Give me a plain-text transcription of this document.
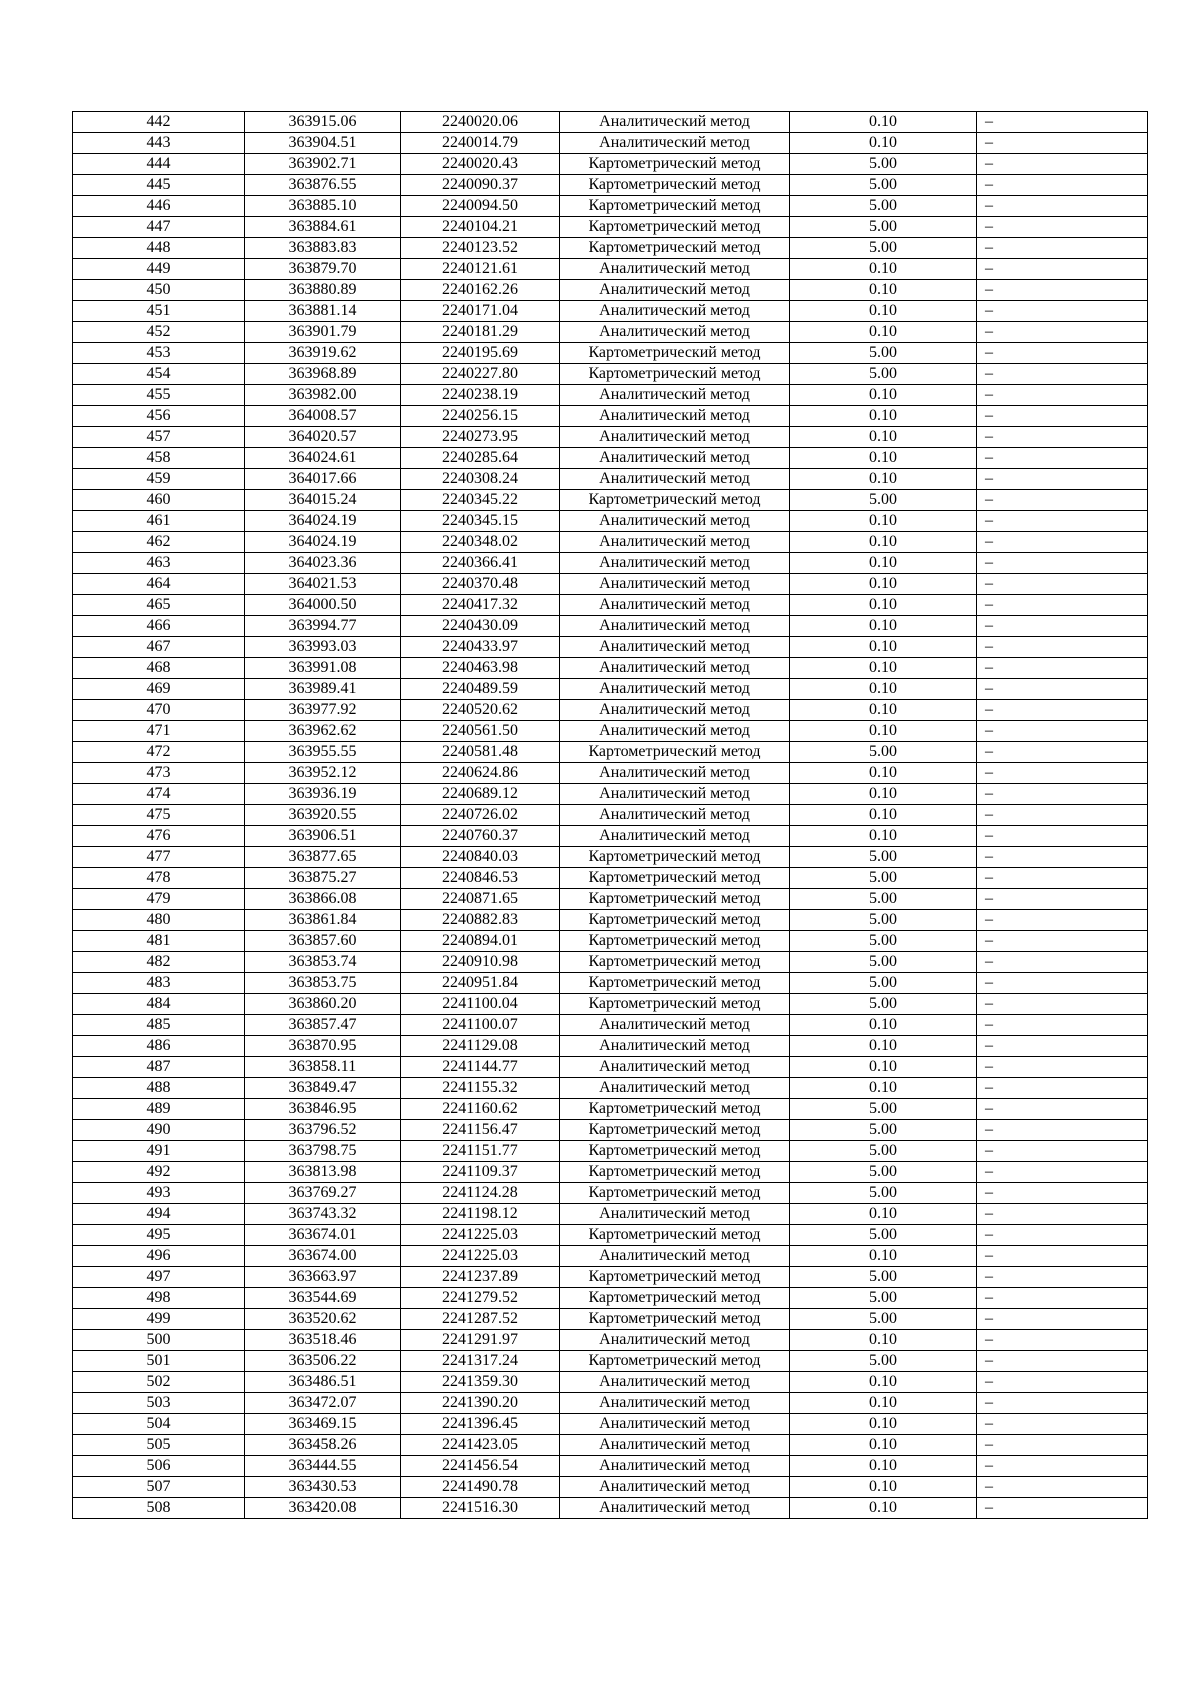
442	363915.06	2240020.06	Аналитический метод	0.10	–
443	363904.51	2240014.79	Аналитический метод	0.10	–
444	363902.71	2240020.43	Картометрический метод	5.00	–
445	363876.55	2240090.37	Картометрический метод	5.00	–
446	363885.10	2240094.50	Картометрический метод	5.00	–
447	363884.61	2240104.21	Картометрический метод	5.00	–
448	363883.83	2240123.52	Картометрический метод	5.00	–
449	363879.70	2240121.61	Аналитический метод	0.10	–
450	363880.89	2240162.26	Аналитический метод	0.10	–
451	363881.14	2240171.04	Аналитический метод	0.10	–
452	363901.79	2240181.29	Аналитический метод	0.10	–
453	363919.62	2240195.69	Картометрический метод	5.00	–
454	363968.89	2240227.80	Картометрический метод	5.00	–
455	363982.00	2240238.19	Аналитический метод	0.10	–
456	364008.57	2240256.15	Аналитический метод	0.10	–
457	364020.57	2240273.95	Аналитический метод	0.10	–
458	364024.61	2240285.64	Аналитический метод	0.10	–
459	364017.66	2240308.24	Аналитический метод	0.10	–
460	364015.24	2240345.22	Картометрический метод	5.00	–
461	364024.19	2240345.15	Аналитический метод	0.10	–
462	364024.19	2240348.02	Аналитический метод	0.10	–
463	364023.36	2240366.41	Аналитический метод	0.10	–
464	364021.53	2240370.48	Аналитический метод	0.10	–
465	364000.50	2240417.32	Аналитический метод	0.10	–
466	363994.77	2240430.09	Аналитический метод	0.10	–
467	363993.03	2240433.97	Аналитический метод	0.10	–
468	363991.08	2240463.98	Аналитический метод	0.10	–
469	363989.41	2240489.59	Аналитический метод	0.10	–
470	363977.92	2240520.62	Аналитический метод	0.10	–
471	363962.62	2240561.50	Аналитический метод	0.10	–
472	363955.55	2240581.48	Картометрический метод	5.00	–
473	363952.12	2240624.86	Аналитический метод	0.10	–
474	363936.19	2240689.12	Аналитический метод	0.10	–
475	363920.55	2240726.02	Аналитический метод	0.10	–
476	363906.51	2240760.37	Аналитический метод	0.10	–
477	363877.65	2240840.03	Картометрический метод	5.00	–
478	363875.27	2240846.53	Картометрический метод	5.00	–
479	363866.08	2240871.65	Картометрический метод	5.00	–
480	363861.84	2240882.83	Картометрический метод	5.00	–
481	363857.60	2240894.01	Картометрический метод	5.00	–
482	363853.74	2240910.98	Картометрический метод	5.00	–
483	363853.75	2240951.84	Картометрический метод	5.00	–
484	363860.20	2241100.04	Картометрический метод	5.00	–
485	363857.47	2241100.07	Аналитический метод	0.10	–
486	363870.95	2241129.08	Аналитический метод	0.10	–
487	363858.11	2241144.77	Аналитический метод	0.10	–
488	363849.47	2241155.32	Аналитический метод	0.10	–
489	363846.95	2241160.62	Картометрический метод	5.00	–
490	363796.52	2241156.47	Картометрический метод	5.00	–
491	363798.75	2241151.77	Картометрический метод	5.00	–
492	363813.98	2241109.37	Картометрический метод	5.00	–
493	363769.27	2241124.28	Картометрический метод	5.00	–
494	363743.32	2241198.12	Аналитический метод	0.10	–
495	363674.01	2241225.03	Картометрический метод	5.00	–
496	363674.00	2241225.03	Аналитический метод	0.10	–
497	363663.97	2241237.89	Картометрический метод	5.00	–
498	363544.69	2241279.52	Картометрический метод	5.00	–
499	363520.62	2241287.52	Картометрический метод	5.00	–
500	363518.46	2241291.97	Аналитический метод	0.10	–
501	363506.22	2241317.24	Картометрический метод	5.00	–
502	363486.51	2241359.30	Аналитический метод	0.10	–
503	363472.07	2241390.20	Аналитический метод	0.10	–
504	363469.15	2241396.45	Аналитический метод	0.10	–
505	363458.26	2241423.05	Аналитический метод	0.10	–
506	363444.55	2241456.54	Аналитический метод	0.10	–
507	363430.53	2241490.78	Аналитический метод	0.10	–
508	363420.08	2241516.30	Аналитический метод	0.10	–
